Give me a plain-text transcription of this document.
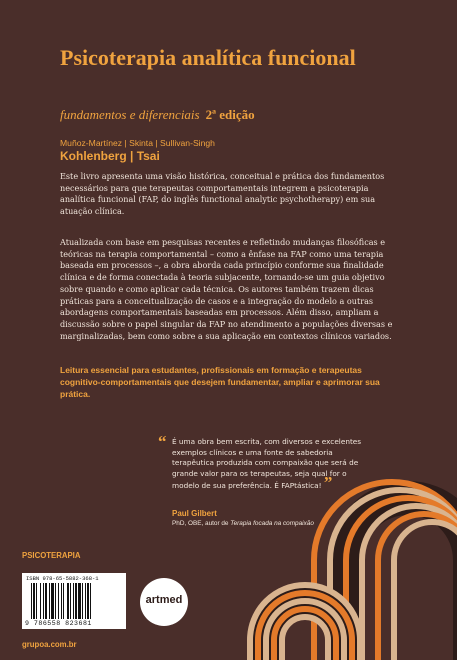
Psicoterapia analítica funcional
fundamentos e diferenciais 2ª edição
Muñoz-Martínez | Skinta | Sullivan-Singh
Kohlenberg | Tsai

Este livro apresenta uma visão histórica, conceitual e prática dos fundamentos necessários para que terapeutas comportamentais integrem a psicoterapia analítica funcional (FAP, do inglês functional analytic psychotherapy) em sua atuação clínica.

Atualizada com base em pesquisas recentes e refletindo mudanças filosóficas e teóricas na terapia comportamental – como a ênfase na FAP como uma terapia baseada em processos –, a obra aborda cada princípio conforme sua finalidade clínica e de forma conectada à teoria subjacente, tornando-se um guia objetivo sobre quando e como aplicar cada técnica. Os autores também trazem dicas práticas para a conceitualização de casos e a integração do modelo a outras abordagens comportamentais baseadas em processos. Além disso, ampliam a discussão sobre o papel singular da FAP no atendimento a populações diversas e marginalizadas, bem como sobre a sua aplicação em contextos clínicos variados.

Leitura essencial para estudantes, profissionais em formação e terapeutas cognitivo-comportamentais que desejem fundamentar, ampliar e aprimorar sua prática.

“ É uma obra bem escrita, com diversos e excelentes exemplos clínicos e uma fonte de sabedoria terapêutica produzida com compaixão que será de grande valor para os terapeutas, seja qual for o modelo de sua preferência. É FAPtástica! ”
Paul Gilbert
PhD, OBE, autor de Terapia focada na compaixão
PSICOTERAPIA
ISBN 978-65-5882-368-1
9 786558 823681
artmed
grupoa.com.br
